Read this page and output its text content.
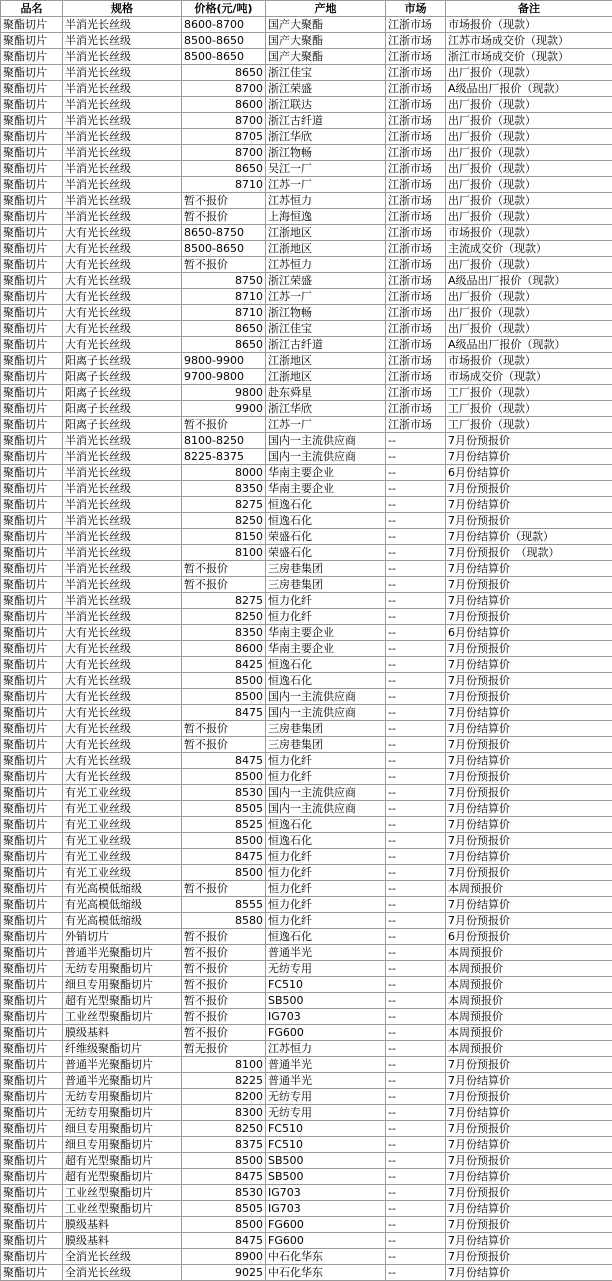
品名	规格	价格(元/吨)	产地	市场	备注
聚酯切片	半消光长丝级	8600-8700	国产大聚酯	江浙市场	市场报价（现款）
聚酯切片	半消光长丝级	8500-8650	国产大聚酯	江浙市场	江苏市场成交价（现款）
聚酯切片	半消光长丝级	8500-8650	国产大聚酯	江浙市场	浙江市场成交价（现款）
聚酯切片	半消光长丝级	8650	浙江佳宝	江浙市场	出厂报价（现款）
聚酯切片	半消光长丝级	8700	浙江荣盛	江浙市场	A级品出厂报价（现款）
聚酯切片	半消光长丝级	8600	浙江联达	江浙市场	出厂报价（现款）
聚酯切片	半消光长丝级	8700	浙江古纤道	江浙市场	出厂报价（现款）
聚酯切片	半消光长丝级	8705	浙江华欣	江浙市场	出厂报价（现款）
聚酯切片	半消光长丝级	8700	浙江物畅	江浙市场	出厂报价（现款）
聚酯切片	半消光长丝级	8650	吴江一厂	江浙市场	出厂报价（现款）
聚酯切片	半消光长丝级	8710	江苏一厂	江浙市场	出厂报价（现款）
聚酯切片	半消光长丝级	暂不报价	江苏恒力	江浙市场	出厂报价（现款）
聚酯切片	半消光长丝级	暂不报价	上海恒逸	江浙市场	出厂报价（现款）
聚酯切片	大有光长丝级	8650-8750	江浙地区	江浙市场	市场报价（现款）
聚酯切片	大有光长丝级	8500-8650	江浙地区	江浙市场	主流成交价（现款）
聚酯切片	大有光长丝级	暂不报价	江苏恒力	江浙市场	出厂报价（现款）
聚酯切片	大有光长丝级	8750	浙江荣盛	江浙市场	A级品出厂报价（现款）
聚酯切片	大有光长丝级	8710	江苏一厂	江浙市场	出厂报价（现款）
聚酯切片	大有光长丝级	8710	浙江物畅	江浙市场	出厂报价（现款）
聚酯切片	大有光长丝级	8650	浙江佳宝	江浙市场	出厂报价（现款）
聚酯切片	大有光长丝级	8650	浙江古纤道	江浙市场	A级品出厂报价（现款）
聚酯切片	阳离子长丝级	9800-9900	江浙地区	江浙市场	市场报价（现款）
聚酯切片	阳离子长丝级	9700-9800	江浙地区	江浙市场	市场成交价（现款）
聚酯切片	阳离子长丝级	9800	赴东舜星	江浙市场	工厂报价（现款）
聚酯切片	阳离子长丝级	9900	浙江华欣	江浙市场	工厂报价（现款）
聚酯切片	阳离子长丝级	暂不报价	江苏一厂	江浙市场	工厂报价（现款）
聚酯切片	半消光长丝级	8100-8250	国内一主流供应商	--	7月份预报价
聚酯切片	半消光长丝级	8225-8375	国内一主流供应商	--	7月份结算价
聚酯切片	半消光长丝级	8000	华南主要企业	--	6月份结算价
聚酯切片	半消光长丝级	8350	华南主要企业	--	7月份预报价
聚酯切片	半消光长丝级	8275	恒逸石化	--	7月份结算价
聚酯切片	半消光长丝级	8250	恒逸石化	--	7月份预报价
聚酯切片	半消光长丝级	8150	荣盛石化	--	7月份结算价（现款）
聚酯切片	半消光长丝级	8100	荣盛石化	--	7月份预报价　（现款）
聚酯切片	半消光长丝级	暂不报价	三房巷集团	--	7月份结算价
聚酯切片	半消光长丝级	暂不报价	三房巷集团	--	7月份预报价
聚酯切片	半消光长丝级	8275	恒力化纤	--	7月份结算价
聚酯切片	半消光长丝级	8250	恒力化纤	--	7月份预报价
聚酯切片	大有光长丝级	8350	华南主要企业	--	6月份结算价
聚酯切片	大有光长丝级	8600	华南主要企业	--	7月份预报价
聚酯切片	大有光长丝级	8425	恒逸石化	--	7月份结算价
聚酯切片	大有光长丝级	8500	恒逸石化	--	7月份预报价
聚酯切片	大有光长丝级	8500	国内一主流供应商	--	7月份预报价
聚酯切片	大有光长丝级	8475	国内一主流供应商	--	7月份结算价
聚酯切片	大有光长丝级	暂不报价	三房巷集团	--	7月份结算价
聚酯切片	大有光长丝级	暂不报价	三房巷集团	--	7月份预报价
聚酯切片	大有光长丝级	8475	恒力化纤	--	7月份结算价
聚酯切片	大有光长丝级	8500	恒力化纤	--	7月份预报价
聚酯切片	有光工业丝级	8530	国内一主流供应商	--	7月份预报价
聚酯切片	有光工业丝级	8505	国内一主流供应商	--	7月份结算价
聚酯切片	有光工业丝级	8525	恒逸石化	--	7月份结算价
聚酯切片	有光工业丝级	8500	恒逸石化	--	7月份预报价
聚酯切片	有光工业丝级	8475	恒力化纤	--	7月份结算价
聚酯切片	有光工业丝级	8500	恒力化纤	--	7月份预报价
聚酯切片	有光高模低缩级	暂不报价	恒力化纤	--	本周预报价
聚酯切片	有光高模低缩级	8555	恒力化纤	--	7月份结算价
聚酯切片	有光高模低缩级	8580	恒力化纤	--	7月份预报价
聚酯切片	外销切片	暂不报价	恒逸石化	--	6月份预报价
聚酯切片	普通半光聚酯切片	暂不报价	普通半光	--	本周预报价
聚酯切片	无纺专用聚酯切片	暂不报价	无纺专用	--	本周预报价
聚酯切片	细旦专用聚酯切片	暂不报价	FC510	--	本周预报价
聚酯切片	超有光型聚酯切片	暂不报价	SB500	--	本周预报价
聚酯切片	工业丝型聚酯切片	暂不报价	IG703	--	本周预报价
聚酯切片	膜级基料	暂不报价	FG600	--	本周预报价
聚酯切片	纤维级聚酯切片	暂无报价	江苏恒力	--	本周预报价
聚酯切片	普通半光聚酯切片	8100	普通半光	--	7月份预报价
聚酯切片	普通半光聚酯切片	8225	普通半光	--	7月份结算价
聚酯切片	无纺专用聚酯切片	8200	无纺专用	--	7月份预报价
聚酯切片	无纺专用聚酯切片	8300	无纺专用	--	7月份结算价
聚酯切片	细旦专用聚酯切片	8250	FC510	--	7月份预报价
聚酯切片	细旦专用聚酯切片	8375	FC510	--	7月份结算价
聚酯切片	超有光型聚酯切片	8500	SB500	--	7月份预报价
聚酯切片	超有光型聚酯切片	8475	SB500	--	7月份结算价
聚酯切片	工业丝型聚酯切片	8530	IG703	--	7月份预报价
聚酯切片	工业丝型聚酯切片	8505	IG703	--	7月份结算价
聚酯切片	膜级基料	8500	FG600	--	7月份预报价
聚酯切片	膜级基料	8475	FG600	--	7月份结算价
聚酯切片	全消光长丝级	8900	中石化华东	--	7月份预报价
聚酯切片	全消光长丝级	9025	中石化华东	--	7月份结算价
